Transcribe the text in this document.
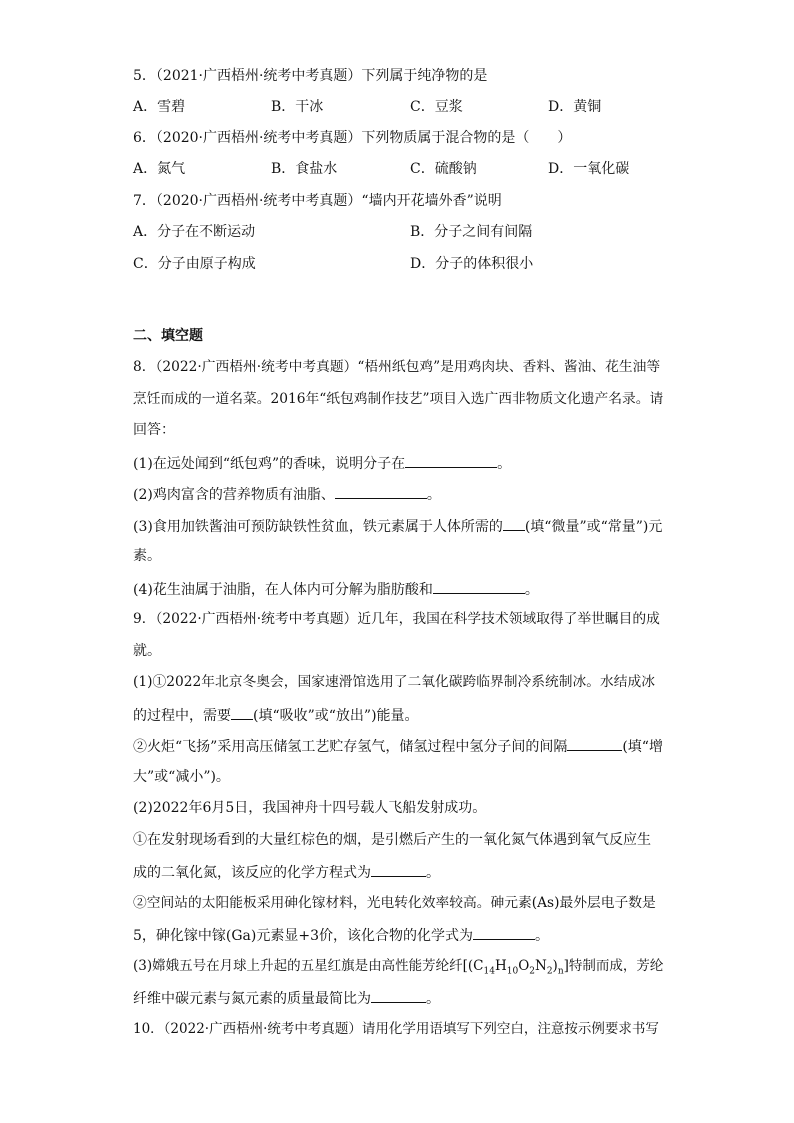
5．（2021·广西梧州·统考中考真题）下列属于纯净物的是
A．雪碧	B．干冰	C．豆浆	D．黄铜
6．（2020·广西梧州·统考中考真题）下列物质属于混合物的是（　　）
A．氮气	B．食盐水	C．硫酸钠	D．一氧化碳
7．（2020·广西梧州·统考中考真题）“墙内开花墙外香”说明
A．分子在不断运动	B．分子之间有间隔
C．分子由原子构成	D．分子的体积很小
二、填空题
8．（2022·广西梧州·统考中考真题）“梧州纸包鸡”是用鸡肉块、香料、酱油、花生油等
烹饪而成的一道名菜。2016年“纸包鸡制作技艺”项目入选广西非物质文化遗产名录。请
回答：
(1)在远处闻到“纸包鸡”的香味，说明分子在	。
(2)鸡肉富含的营养物质有油脂、	。
(3)食用加铁酱油可预防缺铁性贫血，铁元素属于人体所需的 (填“微量”或“常量”)元
素。
(4)花生油属于油脂，在人体内可分解为脂肪酸和	。
9．（2022·广西梧州·统考中考真题）近几年，我国在科学技术领域取得了举世瞩目的成
就。
(1)①2022年北京冬奥会，国家速滑馆选用了二氧化碳跨临界制冷系统制冰。水结成冰
的过程中，需要 (填“吸收”或“放出”)能量。
②火炬“飞扬”采用高压储氢工艺贮存氢气，储氢过程中氢分子间的间隔	(填“增
大”或“减小”)。
(2)2022年6月5日，我国神舟十四号载人飞船发射成功。
①在发射现场看到的大量红棕色的烟，是引燃后产生的一氧化氮气体遇到氧气反应生
成的二氧化氮，该反应的化学方程式为	。
②空间站的太阳能板采用砷化镓材料，光电转化效率较高。砷元素(As)最外层电子数是
5，砷化镓中镓(Ga)元素显+3价，该化合物的化学式为	。
(3)嫦娥五号在月球上升起的五星红旗是由高性能芳纶纤$[(C_{14}H_{10}O_2N_2)_n]$特制而成，芳纶
纤维中碳元素与氮元素的质量最简比为	。
10．（2022·广西梧州·统考中考真题）请用化学用语填写下列空白，注意按示例要求书写
